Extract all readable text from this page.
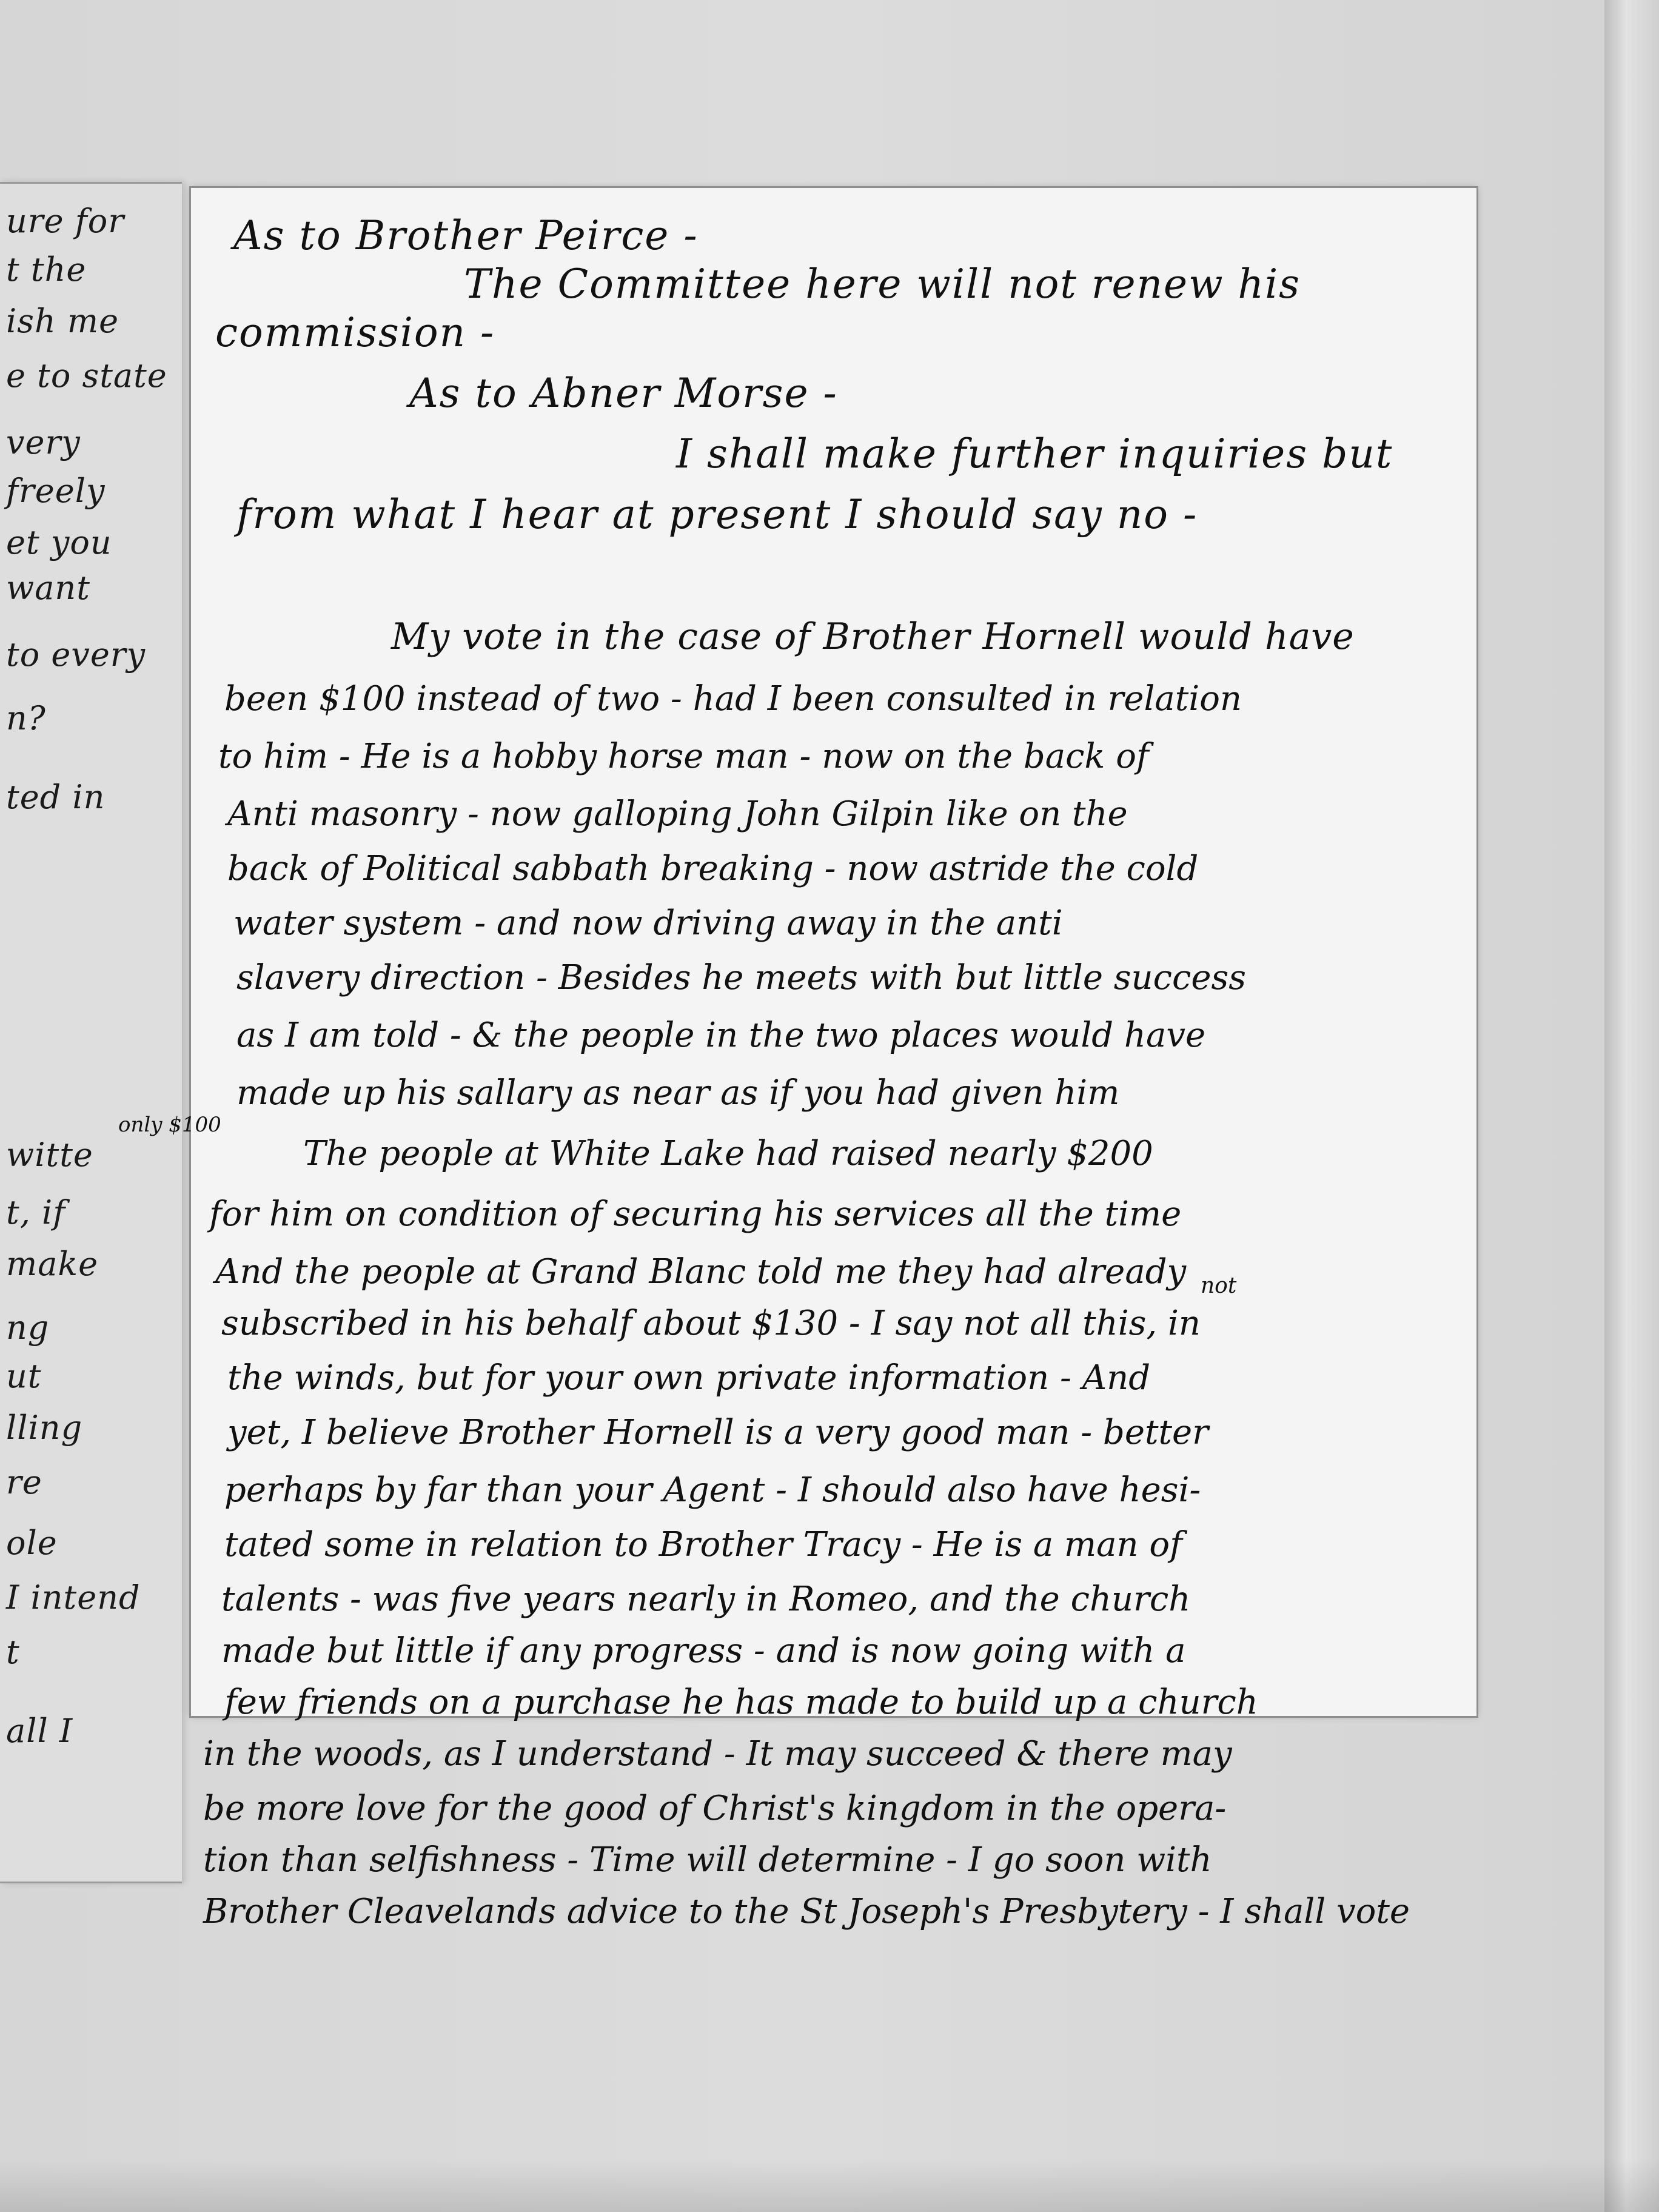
ure for
t the
ish me
e to state
very
freely
et you
want
to every
n?
ted in
witte
t, if
make
ng
ut
lling
re
ole
I intend
t
all I
As to Brother Peirce -
The Committee here will not renew his
commission -
As to Abner Morse -
I shall make further inquiries but
from what I hear at present I should say no -
My vote in the case of Brother Hornell would have
been $100 instead of two - had I been consulted in relation
to him - He is a hobby horse man - now on the back of
Anti masonry - now galloping John Gilpin like on the
back of Political sabbath breaking - now astride the cold
water system - and now driving away in the anti
slavery direction - Besides he meets with but little success
as I am told - & the people in the two places would have
made up his sallary as near as if you had given him
only $100
The people at White Lake had raised nearly $200
for him on condition of securing his services all the time
And the people at Grand Blanc told me they had already not
subscribed in his behalf about $130 - I say not all this, in
the winds, but for your own private information - And
yet, I believe Brother Hornell is a very good man - better
perhaps by far than your Agent - I should also have hesi-
tated some in relation to Brother Tracy - He is a man of
talents - was five years nearly in Romeo, and the church
made but little if any progress - and is now going with a
few friends on a purchase he has made to build up a church
in the woods, as I understand - It may succeed & there may
be more love for the good of Christ's kingdom in the opera-
tion than selfishness - Time will determine - I go soon with
Brother Cleavelands advice to the St Joseph's Presbytery - I shall vote
